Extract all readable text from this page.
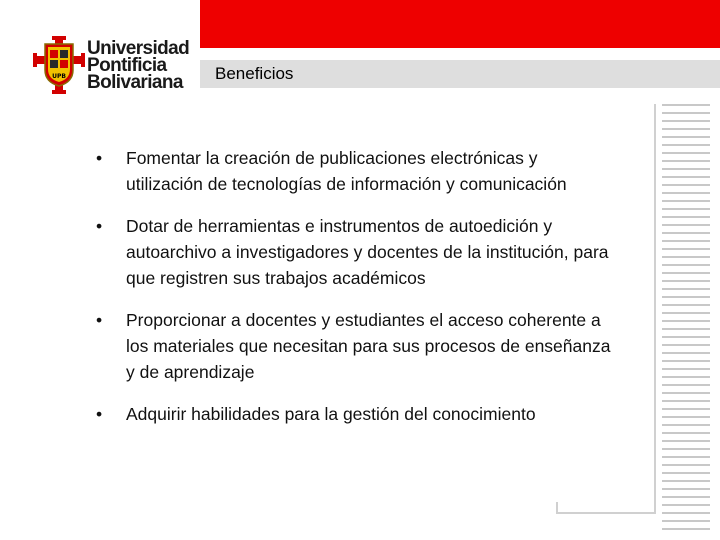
Beneficios
UPB
Universidad
Pontificia
Bolivariana
• Fomentar la creación de publicaciones electrónicas y utilización de tecnologías de información y comunicación
• Dotar de herramientas e instrumentos de autoedición y autoarchivo a investigadores y docentes de la institución, para que registren sus trabajos académicos
• Proporcionar a docentes y estudiantes el acceso coherente a los materiales que necesitan para sus procesos de enseñanza y de aprendizaje
• Adquirir habilidades para la gestión del conocimiento
